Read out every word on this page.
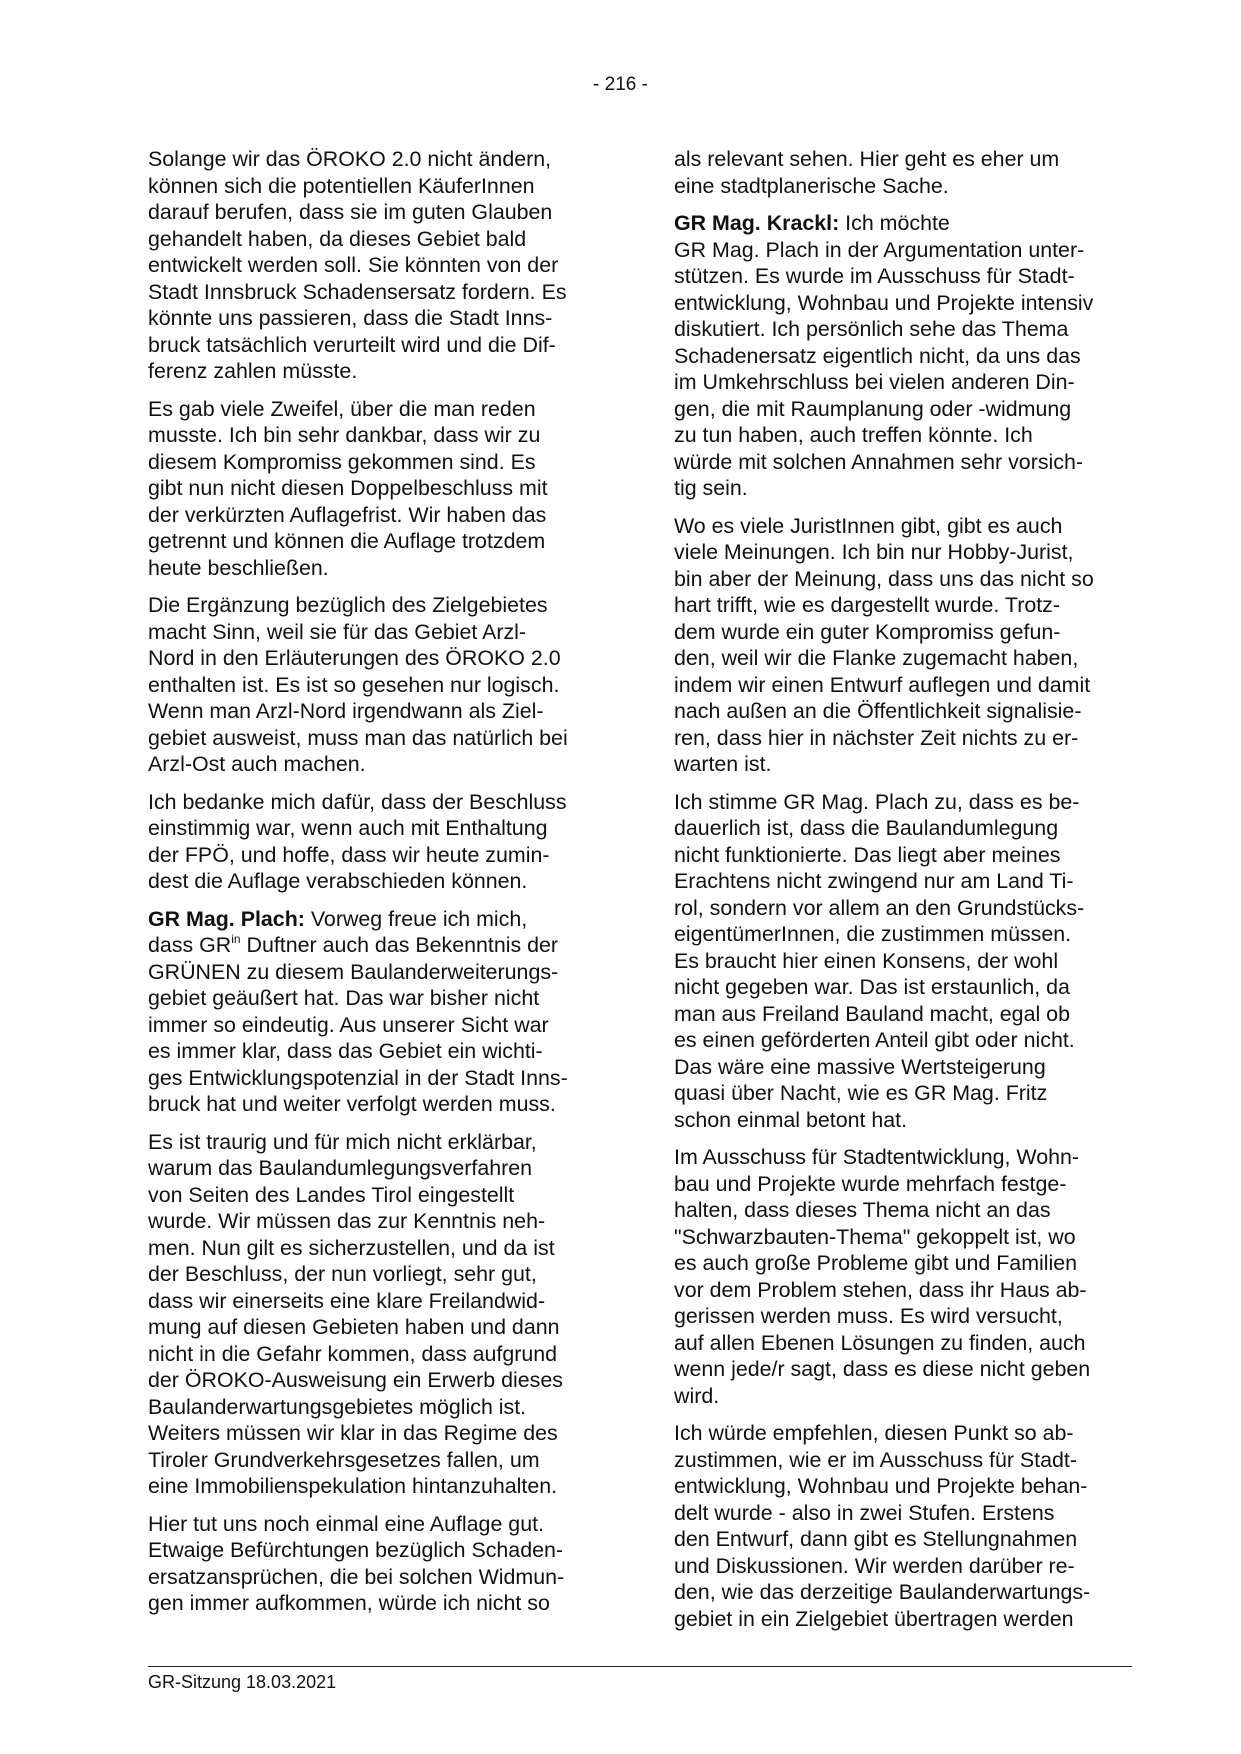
- 216 -
Solange wir das ÖROKO 2.0 nicht ändern,
können sich die potentiellen KäuferInnen
darauf berufen, dass sie im guten Glauben
gehandelt haben, da dieses Gebiet bald
entwickelt werden soll. Sie könnten von der
Stadt Innsbruck Schadensersatz fordern. Es
könnte uns passieren, dass die Stadt Inns-
bruck tatsächlich verurteilt wird und die Dif-
ferenz zahlen müsste.
Es gab viele Zweifel, über die man reden
musste. Ich bin sehr dankbar, dass wir zu
diesem Kompromiss gekommen sind. Es
gibt nun nicht diesen Doppelbeschluss mit
der verkürzten Auflagefrist. Wir haben das
getrennt und können die Auflage trotzdem
heute beschließen.
Die Ergänzung bezüglich des Zielgebietes
macht Sinn, weil sie für das Gebiet Arzl-
Nord in den Erläuterungen des ÖROKO 2.0
enthalten ist. Es ist so gesehen nur logisch.
Wenn man Arzl-Nord irgendwann als Ziel-
gebiet ausweist, muss man das natürlich bei
Arzl-Ost auch machen.
Ich bedanke mich dafür, dass der Beschluss
einstimmig war, wenn auch mit Enthaltung
der FPÖ, und hoffe, dass wir heute zumin-
dest die Auflage verabschieden können.
GR Mag. Plach: Vorweg freue ich mich,
dass $GR^{in}$ Duftner auch das Bekenntnis der
GRÜNEN zu diesem Baulanderweiterungs-
gebiet geäußert hat. Das war bisher nicht
immer so eindeutig. Aus unserer Sicht war
es immer klar, dass das Gebiet ein wichti-
ges Entwicklungspotenzial in der Stadt Inns-
bruck hat und weiter verfolgt werden muss.
Es ist traurig und für mich nicht erklärbar,
warum das Baulandumlegungsverfahren
von Seiten des Landes Tirol eingestellt
wurde. Wir müssen das zur Kenntnis neh-
men. Nun gilt es sicherzustellen, und da ist
der Beschluss, der nun vorliegt, sehr gut,
dass wir einerseits eine klare Freilandwid-
mung auf diesen Gebieten haben und dann
nicht in die Gefahr kommen, dass aufgrund
der ÖROKO-Ausweisung ein Erwerb dieses
Baulanderwartungsgebietes möglich ist.
Weiters müssen wir klar in das Regime des
Tiroler Grundverkehrsgesetzes fallen, um
eine Immobilienspekulation hintanzuhalten.
Hier tut uns noch einmal eine Auflage gut.
Etwaige Befürchtungen bezüglich Schaden-
ersatzansprüchen, die bei solchen Widmun-
gen immer aufkommen, würde ich nicht so
als relevant sehen. Hier geht es eher um
eine stadtplanerische Sache.
GR Mag. Krackl: Ich möchte
GR Mag. Plach in der Argumentation unter-
stützen. Es wurde im Ausschuss für Stadt-
entwicklung, Wohnbau und Projekte intensiv
diskutiert. Ich persönlich sehe das Thema
Schadenersatz eigentlich nicht, da uns das
im Umkehrschluss bei vielen anderen Din-
gen, die mit Raumplanung oder -widmung
zu tun haben, auch treffen könnte. Ich
würde mit solchen Annahmen sehr vorsich-
tig sein.
Wo es viele JuristInnen gibt, gibt es auch
viele Meinungen. Ich bin nur Hobby-Jurist,
bin aber der Meinung, dass uns das nicht so
hart trifft, wie es dargestellt wurde. Trotz-
dem wurde ein guter Kompromiss gefun-
den, weil wir die Flanke zugemacht haben,
indem wir einen Entwurf auflegen und damit
nach außen an die Öffentlichkeit signalisie-
ren, dass hier in nächster Zeit nichts zu er-
warten ist.
Ich stimme GR Mag. Plach zu, dass es be-
dauerlich ist, dass die Baulandumlegung
nicht funktionierte. Das liegt aber meines
Erachtens nicht zwingend nur am Land Ti-
rol, sondern vor allem an den Grundstücks-
eigentümerInnen, die zustimmen müssen.
Es braucht hier einen Konsens, der wohl
nicht gegeben war. Das ist erstaunlich, da
man aus Freiland Bauland macht, egal ob
es einen geförderten Anteil gibt oder nicht.
Das wäre eine massive Wertsteigerung
quasi über Nacht, wie es GR Mag. Fritz
schon einmal betont hat.
Im Ausschuss für Stadtentwicklung, Wohn-
bau und Projekte wurde mehrfach festge-
halten, dass dieses Thema nicht an das
"Schwarzbauten-Thema" gekoppelt ist, wo
es auch große Probleme gibt und Familien
vor dem Problem stehen, dass ihr Haus ab-
gerissen werden muss. Es wird versucht,
auf allen Ebenen Lösungen zu finden, auch
wenn jede/r sagt, dass es diese nicht geben
wird.
Ich würde empfehlen, diesen Punkt so ab-
zustimmen, wie er im Ausschuss für Stadt-
entwicklung, Wohnbau und Projekte behan-
delt wurde - also in zwei Stufen. Erstens
den Entwurf, dann gibt es Stellungnahmen
und Diskussionen. Wir werden darüber re-
den, wie das derzeitige Baulanderwartungs-
gebiet in ein Zielgebiet übertragen werden
GR-Sitzung 18.03.2021
